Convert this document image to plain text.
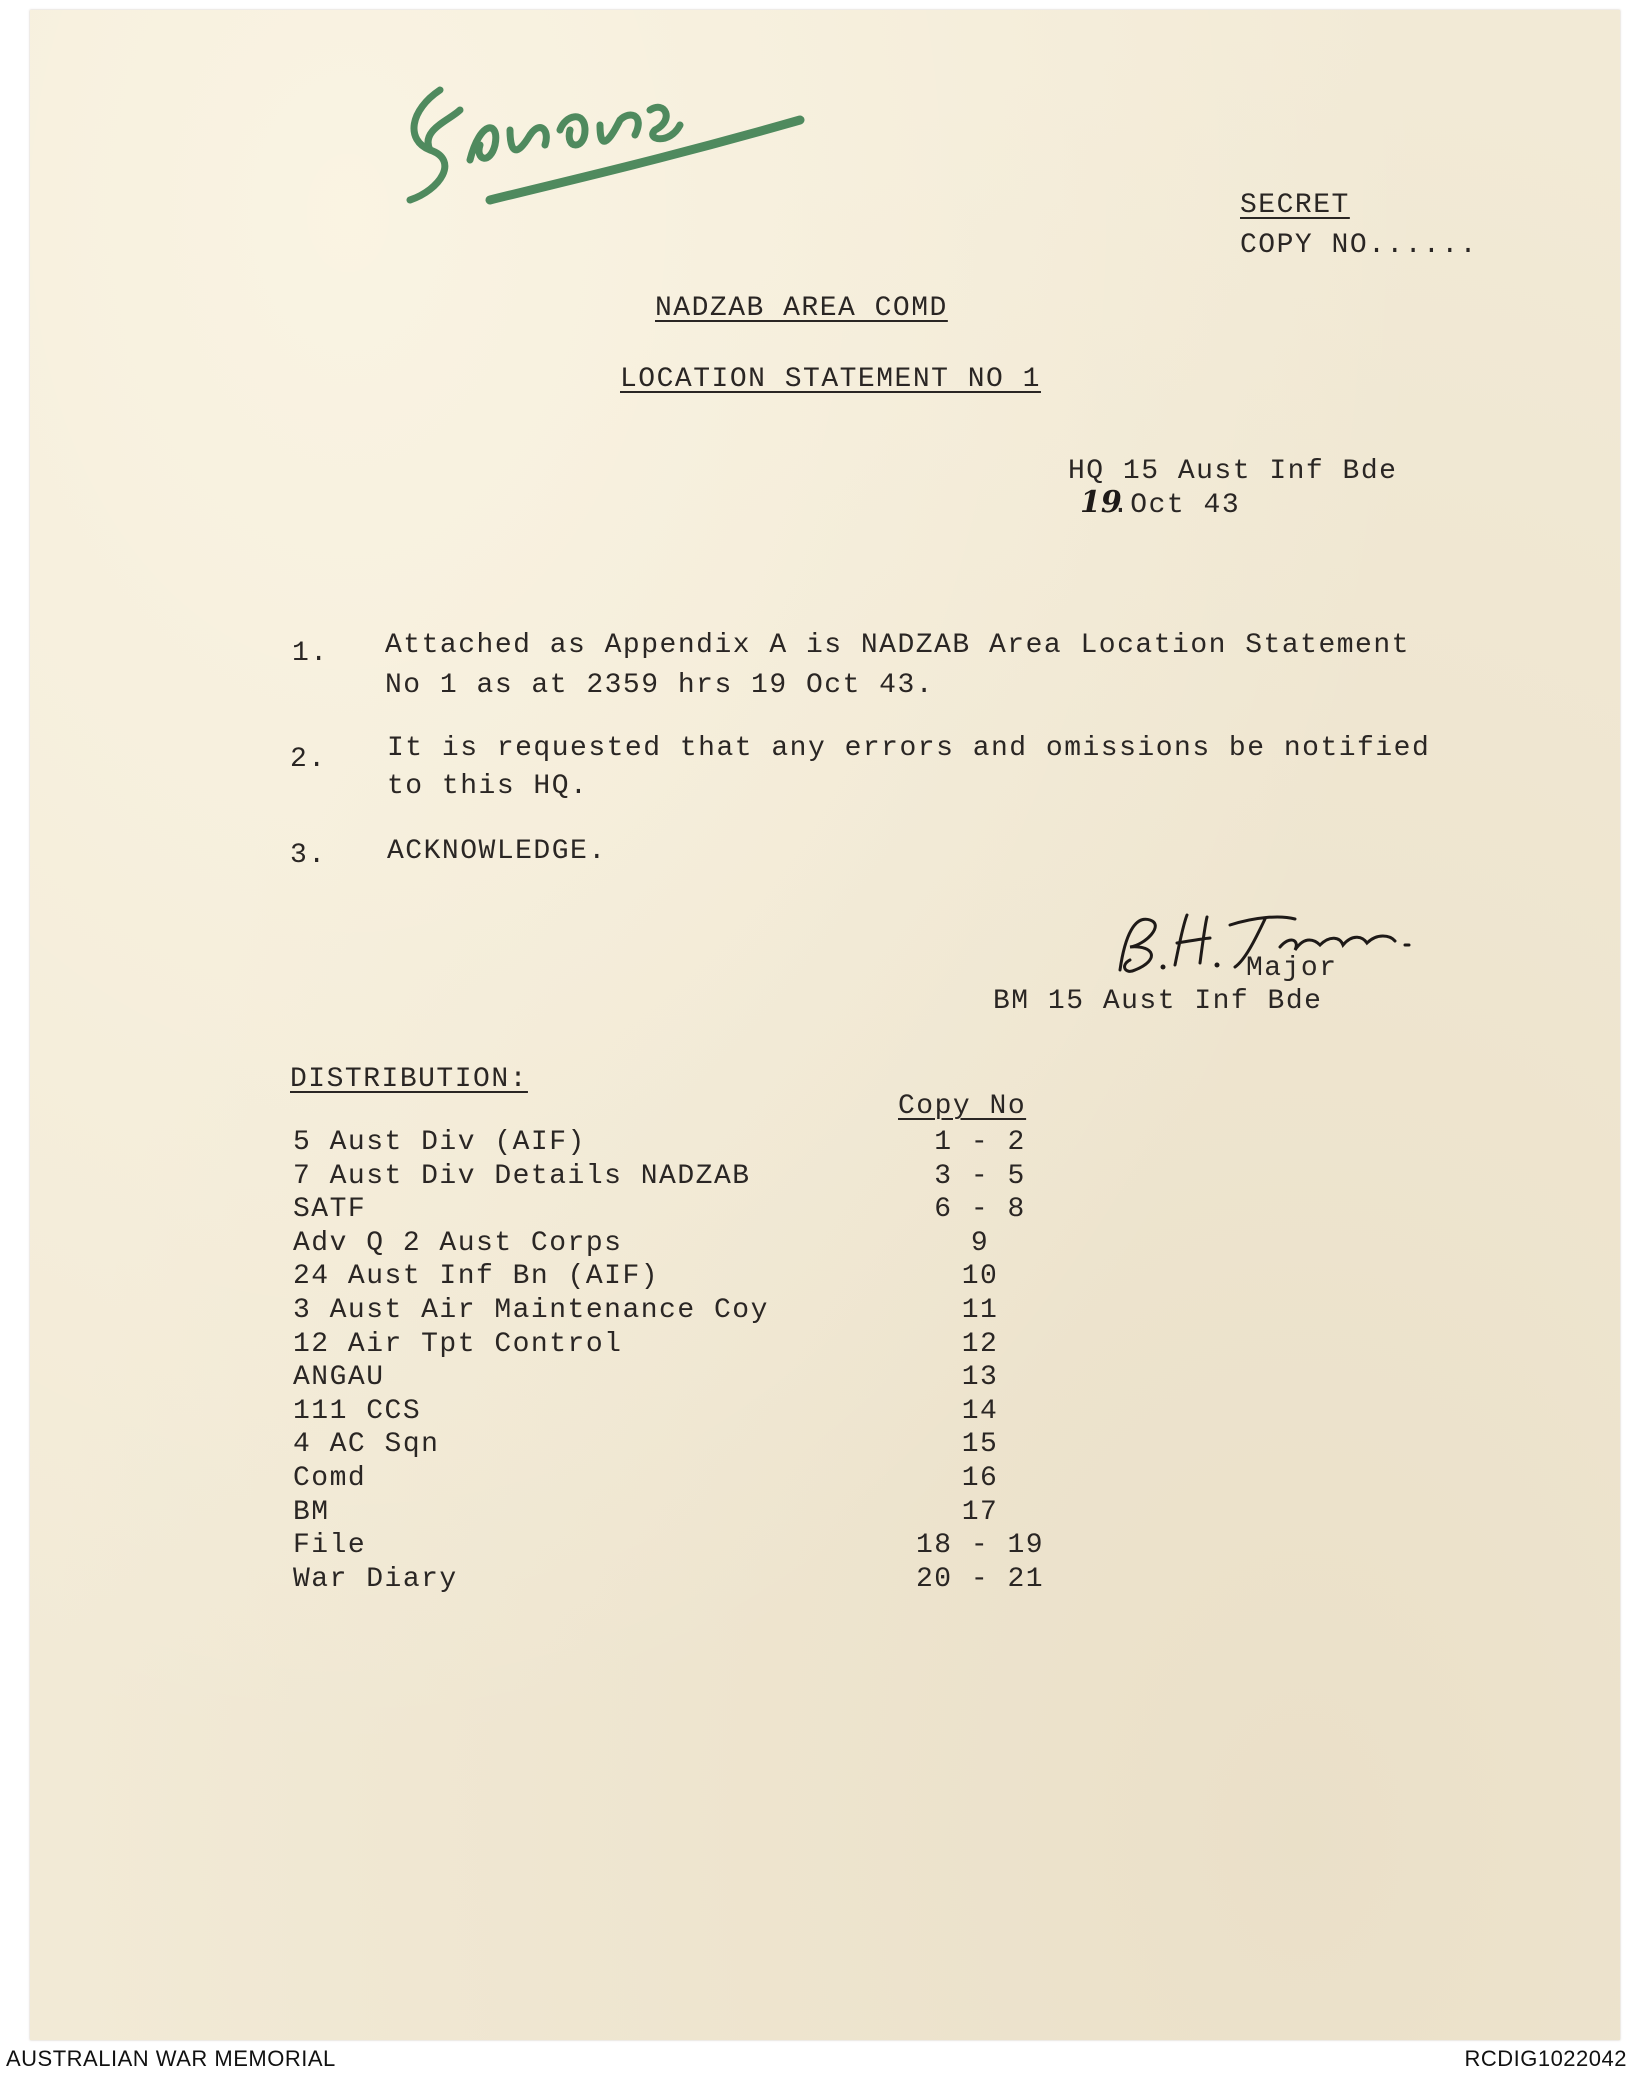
SECRET
COPY NO......
NADZAB AREA COMD
LOCATION STATEMENT NO 1
HQ 15 Aust Inf Bde
19
.Oct 43
1. Attached as Appendix A is NADZAB Area Location Statement
No 1 as at 2359 hrs 19 Oct 43.
2. It is requested that any errors and omissions be notified
to this HQ.
3. ACKNOWLEDGE.
Major
BM 15 Aust Inf Bde
DISTRIBUTION:
Copy No
5 Aust Div (AIF)	1 - 2
7 Aust Div Details NADZAB	3 - 5
SATF	6 - 8
Adv Q 2 Aust Corps	9
24 Aust Inf Bn (AIF)	10
3 Aust Air Maintenance Coy	11
12 Air Tpt Control	12
ANGAU	13
111 CCS	14
4 AC Sqn	15
Comd	16
BM	17
File	18 - 19
War Diary	20 - 21
AUSTRALIAN WAR MEMORIAL	RCDIG1022042
